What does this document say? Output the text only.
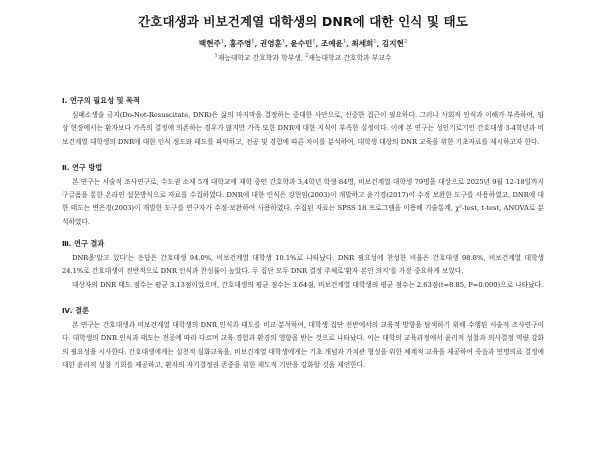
간호대생과 비보건계열 대학생의 DNR에 대한 인식 및 태도
백현주$^1$, 홍주영$^1$, 권영훈$^1$, 윤수민$^1$, 조예윤$^1$, 최세희$^1$, 김지현$^2$
$^1$재능대학교 간호학과 학부생, $^2$재능대학교 간호학과 부교수
Ⅰ. 연구의 필요성 및 목적

심폐소생술 금지(Do-Not-Resuscitate, DNR)은 삶의 마지막을 결정하는 중대한 사안으로, 신중한 접근이 필요하다. 그러나 사회적 인식과 이해가 부족하여, 임상 현장에서는 환자보다 가족의 결정에 의존하는 경우가 많지만 가족 또한 DNR에 대한 지식이 부족한 실정이다. 이에 본 연구는 성인기로기인 간호대생 3-4학년과 비보건계열 대학생의 DNR에 대한 인식 정도와 태도를 파악하고, 전공 및 경험에 따른 차이를 분석하여, 대학생 대상의 DNR 교육을 위한 기초자료를 제시하고자 한다.

Ⅱ. 연구 방법

본 연구는 서술적 조사연구로, 수도권 소재 5개 대학교에 재학 중인 간호학과 3,4학년 학생 84명, 비보건계열 대학생 79명을 대상으로 2025년 9월 12-18일까지 구글폼을 통한 온라인 설문방식으로 자료를 수집하였다. DNR에 대한 인식은 강현임(2003)이 개발하고 윤기경(2017)이 수정 보완한 도구를 사용하였고, DNR에 대한 태도는 변은경(2003)이 개발한 도구를 연구자가 수정·보완하여 사용하였다. 수집된 자료는 SPSS 18 프로그램을 이용해 기술통계, χ²-test, t-test, ANOVA로 분석하였다.

Ⅲ. 연구 결과

DNR을'알고 있다'는 응답은 간호대생 94.0%, 비보건계열 대학생 10.1%로 나타났다. DNR 필요성에 찬성한 비율은 간호대생 98.8%, 비보건계열 대학생 24.1%로 간호대생이 전반적으로 DNR 인식과 찬성률이 높았다. 두 집단 모두 DNR 결정 주체로'환자 본인 의지'를 가장 중요하게 보았다.

대상자의 DNR 태도 점수는 평균 3.13점이었으며, 간호대생의 평균 점수는 3.64점, 비보건계열 대학생의 평균 점수는 2.63점(t=8.85, P=0.000)으로 나타났다.

Ⅳ. 결론

본 연구는 간호대생과 비보건계열 대학생의 DNR 인식과 태도를 비교·분석하여, 대학생 집단 전반에서의 교육적 방향을 탐색하기 위해 수행된 서술적 조사연구이다. 대학생의 DNR 인식과 태도는 전공에 따라 다르며 교육 경험과 환경의 영향을 받는 것으로 나타났다. 이는 대학의 교육과정에서 윤리적 성찰과 의사결정 역량 강화의 필요성을 시사한다. 간호대생에게는 실천적 심화교육을, 비보건계열 대학생에게는 기초 개념과 가치관 형성을 위한 체계적 교육을 제공하여 죽음과 연명의료 결정에 대한 윤리적 성찰 기회를 제공하고, 환자의 자기결정권 존중을 위한 제도적 기반을 강화할 것을 제언한다.
